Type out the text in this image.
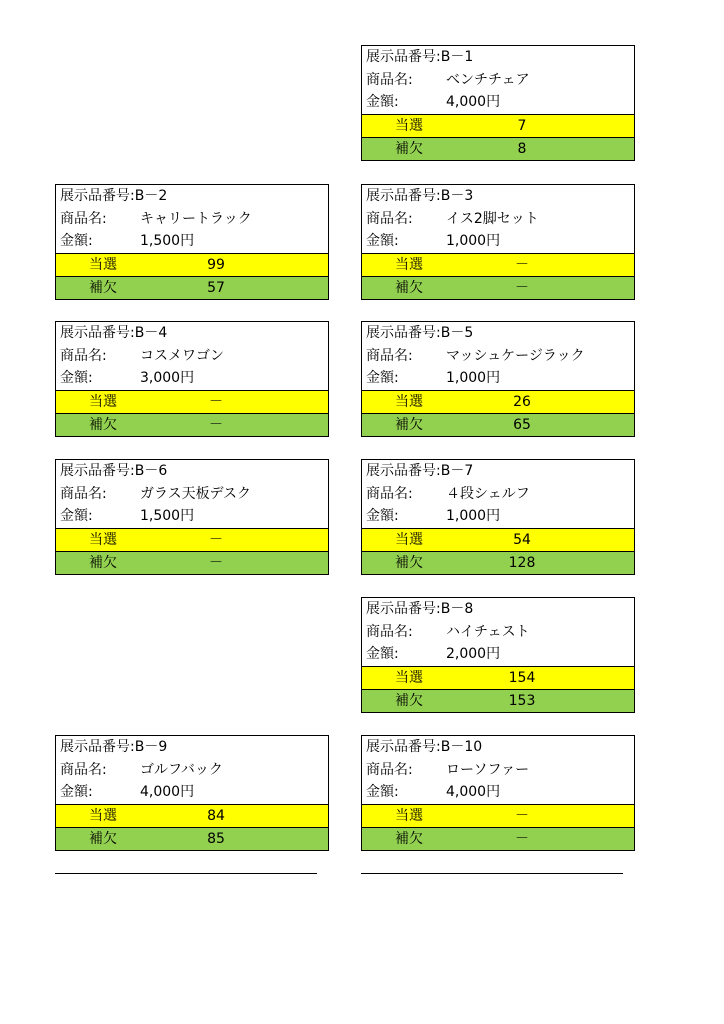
展示品番号:B－1
商品名: ベンチチェア
金額:	4,000円
当選	7
補欠	8
展示品番号:B－2
商品名: キャリートラック
金額:	1,500円
当選	99
補欠	57
展示品番号:B－3
商品名: イス2脚セット
金額:	1,000円
当選	－
補欠	－
展示品番号:B－4
商品名: コスメワゴン
金額:	3,000円
当選	－
補欠	－
展示品番号:B－5
商品名: マッシュケージラック
金額:	1,000円
当選	26
補欠	65
展示品番号:B－6
商品名: ガラス天板デスク
金額:	1,500円
当選	－
補欠	－
展示品番号:B－7
商品名: ４段シェルフ
金額:	1,000円
当選	54
補欠	128
展示品番号:B－8
商品名: ハイチェスト
金額:	2,000円
当選	154
補欠	153
展示品番号:B－9
商品名: ゴルフバック
金額:	4,000円
当選	84
補欠	85
展示品番号:B－10
商品名: ローソファー
金額:	4,000円
当選	－
補欠	－
